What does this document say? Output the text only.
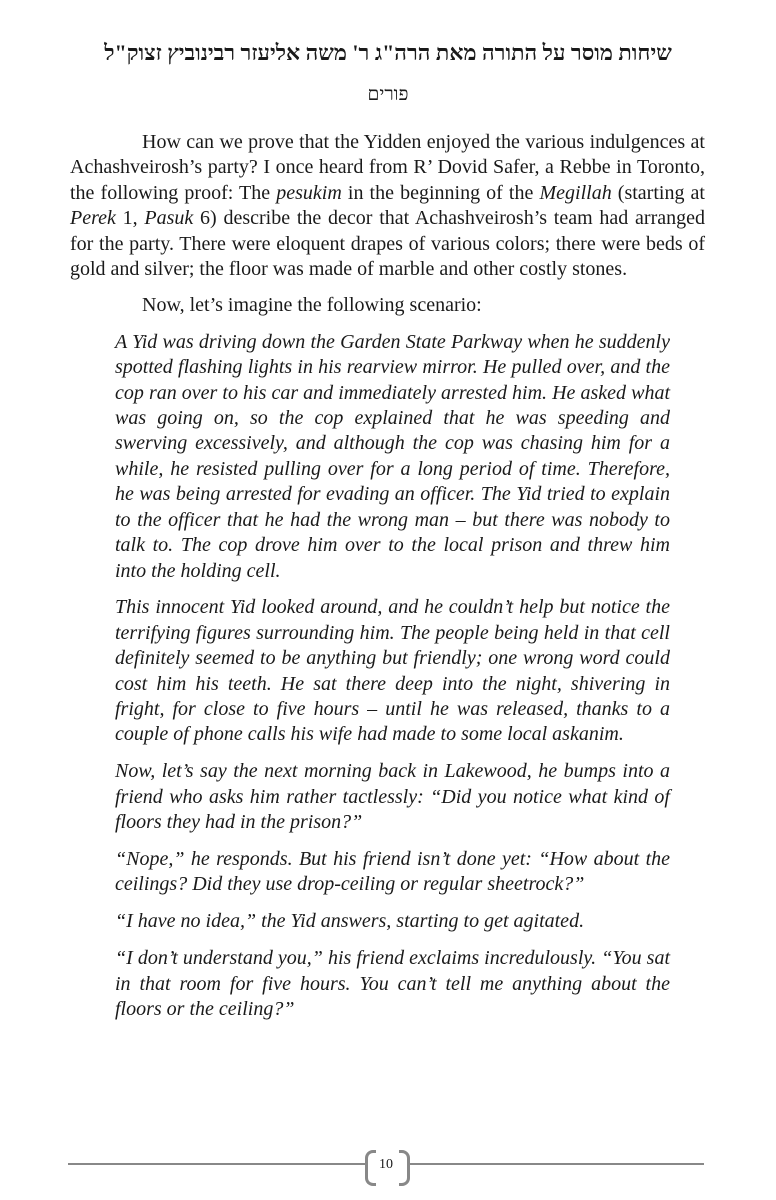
שיחות מוסר על התורה מאת הרה"ג ר' משה אליעזר רבינוביץ זצוק"ל
פורים

How can we prove that the Yidden enjoyed the various indulgences at Achashveirosh’s party? I once heard from R’ Dovid Safer, a Rebbe in Toronto, the following proof: The pesukim in the beginning of the Megillah (starting at Perek 1, Pasuk 6) describe the decor that Achashveirosh’s team had arranged for the party. There were eloquent drapes of various colors; there were beds of gold and silver; the floor was made of marble and other costly stones.

Now, let’s imagine the following scenario:

A Yid was driving down the Garden State Parkway when he suddenly spotted flashing lights in his rearview mirror. He pulled over, and the cop ran over to his car and immediately arrested him. He asked what was going on, so the cop explained that he was speeding and swerving excessively, and although the cop was chasing him for a while, he resisted pulling over for a long period of time. Therefore, he was being arrested for evading an officer. The Yid tried to explain to the officer that he had the wrong man – but there was nobody to talk to. The cop drove him over to the local prison and threw him into the holding cell.

This innocent Yid looked around, and he couldn’t help but notice the terrifying figures surrounding him. The people being held in that cell definitely seemed to be anything but friendly; one wrong word could cost him his teeth. He sat there deep into the night, shivering in fright, for close to five hours – until he was released, thanks to a couple of phone calls his wife had made to some local askanim.

Now, let’s say the next morning back in Lakewood, he bumps into a friend who asks him rather tactlessly: “Did you notice what kind of floors they had in the prison?”

“Nope,” he responds. But his friend isn’t done yet: “How about the ceilings? Did they use drop-ceiling or regular sheetrock?”

“I have no idea,” the Yid answers, starting to get agitated.

“I don’t understand you,” his friend exclaims incredulously. “You sat in that room for five hours. You can’t tell me anything about the floors or the ceiling?”

10
